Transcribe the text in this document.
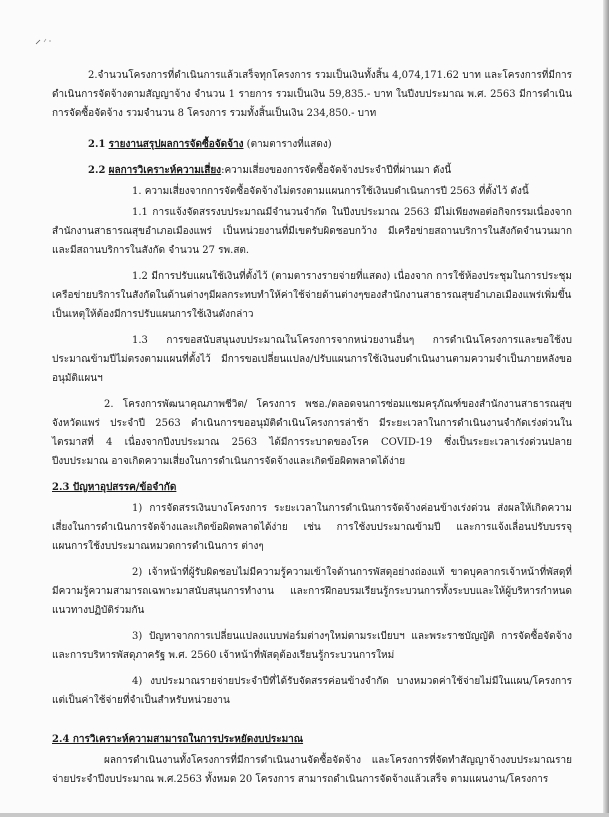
2.จำนวนโครงการที่ดำเนินการแล้วเสร็จทุกโครงการ รวมเป็นเงินทั้งสิ้น 4,074,171.62 บาท และโครงการที่มีการดำเนินการจัดจ้างตามสัญญาจ้าง จำนวน 1 รายการ รวมเป็นเงิน 59,835.- บาท ในปีงบประมาณ พ.ศ. 2563 มีการดำเนินการจัดซื้อจัดจ้าง รวมจำนวน 8 โครงการ รวมทั้งสิ้นเป็นเงิน 234,850.- บาท

2.1 รายงานสรุปผลการจัดซื้อจัดจ้าง (ตามตารางที่แสดง)

2.2 ผลการวิเคราะห์ความเสี่ยง:ความเสี่ยงของการจัดซื้อจัดจ้างประจำปีที่ผ่านมา ดังนี้

1. ความเสี่ยงจากการจัดซื้อจัดจ้างไม่ตรงตามแผนการใช้เงินบดำเนินการปี 2563 ที่ตั้งไว้ ดังนี้

1.1 การแจ้งจัดสรรงบประมาณมีจำนวนจำกัด ในปีงบประมาณ 2563 มีไม่เพียงพอต่อกิจกรรมเนื่องจากสำนักงานสาธารณสุขอำเภอเมืองแพร่ เป็นหน่วยงานที่มีเขตรับผิดชอบกว้าง มีเครือข่ายสถานบริการในสังกัดจำนวนมากและมีสถานบริการในสังกัด จำนวน 27 รพ.สต.

1.2 มีการปรับแผนใช้เงินที่ตั้งไว้ (ตามตารางรายจ่ายที่แสดง) เนื่องจาก การใช้ห้องประชุมในการประชุมเครือข่ายบริการในสังกัดในด้านต่างๆมีผลกระทบทำให้ค่าใช้จ่ายด้านต่างๆของสำนักงานสาธารณสุขอำเภอเมืองแพร่เพิ่มขึ้น เป็นเหตุให้ต้องมีการปรับแผนการใช้เงินดังกล่าว

1.3 การขอสนับสนุนงบประมาณในโครงการจากหน่วยงานอื่นๆ การดำเนินโครงการและขอใช้งบประมาณข้ามปีไม่ตรงตามแผนที่ตั้งไว้ มีการขอเปลี่ยนแปลง/ปรับแผนการใช้เงินงบดำเนินงานตามความจำเป็นภายหลังขออนุมัติแผนฯ

2. โครงการพัฒนาคุณภาพชีวิต/ โครงการ พชอ./ตลอดจนการซ่อมแซมครุภัณฑ์ของสำนักงานสาธารณสุขจังหวัดแพร่ ประจำปี 2563 ดำเนินการขออนุมัติดำเนินโครงการล่าช้า มีระยะเวลาในการดำเนินงานจำกัดเร่งด่วนในไตรมาสที่ 4 เนื่องจากปีงบประมาณ 2563 ได้มีการระบาดของโรค COVID-19 ซึ่งเป็นระยะเวลาเร่งด่วนปลายปีงบประมาณ อาจเกิดความเสี่ยงในการดำเนินการจัดจ้างและเกิดข้อผิดพลาดได้ง่าย

2.3 ปัญหาอุปสรรค/ข้อจำกัด

1) การจัดสรรเงินบางโครงการ ระยะเวลาในการดำเนินการจัดจ้างค่อนข้างเร่งด่วน ส่งผลให้เกิดความเสี่ยงในการดำเนินการจัดจ้างและเกิดข้อผิดพลาดได้ง่าย เช่น การใช้งบประมาณข้ามปี และการแจ้งเลื่อนปรับบรรจุ แผนการใช้งบประมาณหมวดการดำเนินการ ต่างๆ

2) เจ้าหน้าที่ผู้รับผิดชอบไม่มีความรู้ความเข้าใจด้านการพัสดุอย่างถ่องแท้ ขาดบุคลากรเจ้าหน้าที่พัสดุที่มีความรู้ความสามารถเฉพาะมาสนับสนุนการทำงาน และการฝึกอบรมเรียนรู้กระบวนการทั้งระบบและให้ผู้บริหารกำหนดแนวทางปฏิบัติร่วมกัน

3) ปัญหาจากการเปลี่ยนแปลงแบบฟอร์มต่างๆใหม่ตามระเบียบฯ และพระราชบัญญัติ การจัดซื้อจัดจ้างและการบริหารพัสดุภาครัฐ พ.ศ. 2560 เจ้าหน้าที่พัสดุต้องเรียนรู้กระบวนการใหม่

4) งบประมาณรายจ่ายประจำปีที่ได้รับจัดสรรค่อนข้างจำกัด บางหมวดค่าใช้จ่ายไม่มีในแผน/โครงการ แต่เป็นค่าใช้จ่ายที่จำเป็นสำหรับหน่วยงาน

2.4 การวิเคราะห์ความสามารถในการประหยัดงบประมาณ

ผลการดำเนินงานทั้งโครงการที่มีการดำเนินงานจัดซื้อจัดจ้าง และโครงการที่จัดทำสัญญาจ้างงบประมาณรายจ่ายประจำปีงบประมาณ พ.ศ.2563 ทั้งหมด 20 โครงการ สามารถดำเนินการจัดจ้างแล้วเสร็จ ตามแผนงาน/โครงการ
